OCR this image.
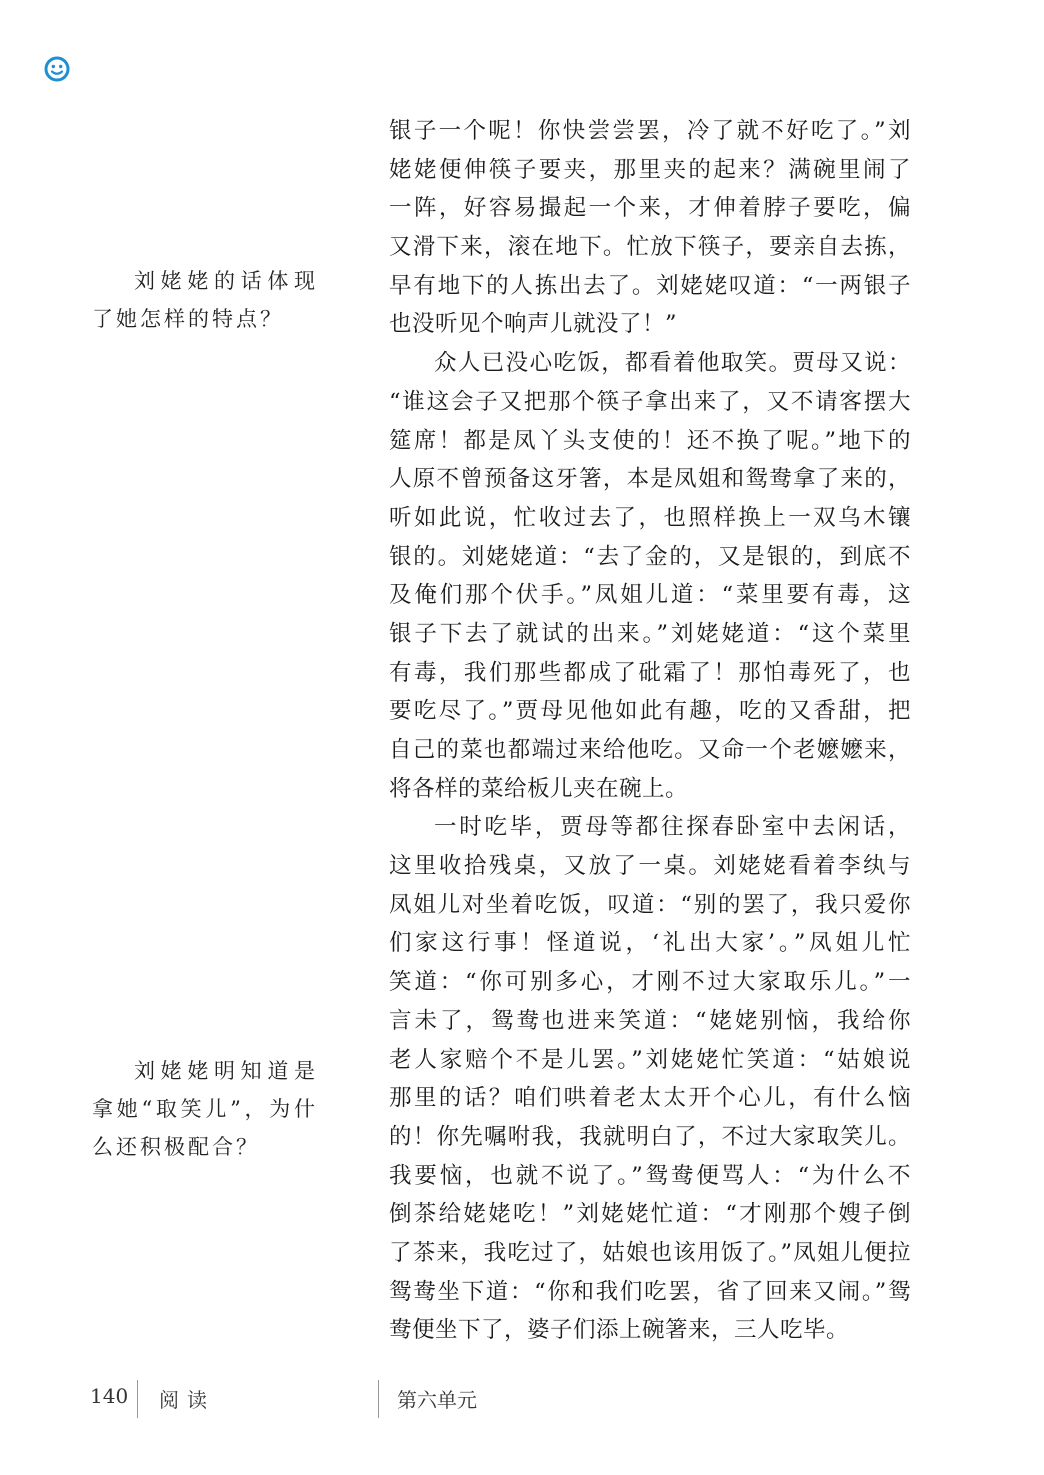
刘姥姥的话体现了她怎样的特点？
刘姥姥明知道是拿她“取笑儿”，为什么还积极配合？
银子一个呢！你快尝尝罢，冷了就不好吃了。”刘
姥姥便伸筷子要夹，那里夹的起来？满碗里闹了
一阵，好容易撮起一个来，才伸着脖子要吃，偏
又滑下来，滚在地下。忙放下筷子，要亲自去拣，
早有地下的人拣出去了。刘姥姥叹道：“一两银子
也没听见个响声儿就没了！”
众人已没心吃饭，都看着他取笑。贾母又说：
“谁这会子又把那个筷子拿出来了，又不请客摆大
筵席！都是凤丫头支使的！还不换了呢。”地下的
人原不曾预备这牙箸，本是凤姐和鸳鸯拿了来的，
听如此说，忙收过去了，也照样换上一双乌木镶
银的。刘姥姥道：“去了金的，又是银的，到底不
及俺们那个伏手。”凤姐儿道：“菜里要有毒，这
银子下去了就试的出来。”刘姥姥道：“这个菜里
有毒，我们那些都成了砒霜了！那怕毒死了，也
要吃尽了。”贾母见他如此有趣，吃的又香甜，把
自己的菜也都端过来给他吃。又命一个老嬷嬷来，
将各样的菜给板儿夹在碗上。
一时吃毕，贾母等都往探春卧室中去闲话，
这里收拾残桌，又放了一桌。刘姥姥看着李纨与
凤姐儿对坐着吃饭，叹道：“别的罢了，我只爱你
们家这行事！怪道说，‘礼出大家’。”凤姐儿忙
笑道：“你可别多心，才刚不过大家取乐儿。”一
言未了，鸳鸯也进来笑道：“姥姥别恼，我给你
老人家赔个不是儿罢。”刘姥姥忙笑道：“姑娘说
那里的话？咱们哄着老太太开个心儿，有什么恼
的！你先嘱咐我，我就明白了，不过大家取笑儿。
我要恼，也就不说了。”鸳鸯便骂人：“为什么不
倒茶给姥姥吃！”刘姥姥忙道：“才刚那个嫂子倒
了茶来，我吃过了，姑娘也该用饭了。”凤姐儿便拉
鸳鸯坐下道：“你和我们吃罢，省了回来又闹。”鸳
鸯便坐下了，婆子们添上碗箸来，三人吃毕。
140 阅读	第六单元
